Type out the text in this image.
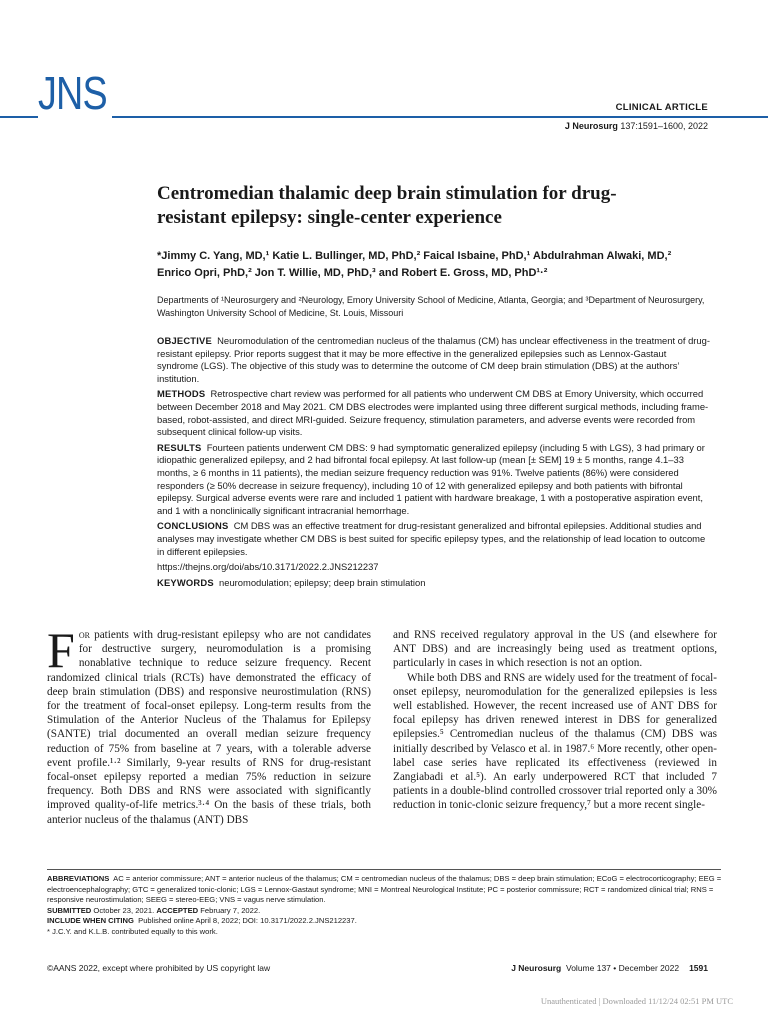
JNS	CLINICAL ARTICLE
J Neurosurg 137:1591–1600, 2022
Centromedian thalamic deep brain stimulation for drug-resistant epilepsy: single-center experience
*Jimmy C. Yang, MD,¹ Katie L. Bullinger, MD, PhD,² Faical Isbaine, PhD,¹ Abdulrahman Alwaki, MD,²
Enrico Opri, PhD,² Jon T. Willie, MD, PhD,³ and Robert E. Gross, MD, PhD¹·²
Departments of ¹Neurosurgery and ²Neurology, Emory University School of Medicine, Atlanta, Georgia; and ³Department of Neurosurgery, Washington University School of Medicine, St. Louis, Missouri

OBJECTIVE Neuromodulation of the centromedian nucleus of the thalamus (CM) has unclear effectiveness in the treatment of drug-resistant epilepsy. Prior reports suggest that it may be more effective in the generalized epilepsies such as Lennox-Gastaut syndrome (LGS). The objective of this study was to determine the outcome of CM deep brain stimulation (DBS) at the authors’ institution.

METHODS Retrospective chart review was performed for all patients who underwent CM DBS at Emory University, which occurred between December 2018 and May 2021. CM DBS electrodes were implanted using three different surgical methods, including frame-based, robot-assisted, and direct MRI-guided. Seizure frequency, stimulation parameters, and adverse events were recorded from subsequent clinical follow-up visits.

RESULTS Fourteen patients underwent CM DBS: 9 had symptomatic generalized epilepsy (including 5 with LGS), 3 had primary or idiopathic generalized epilepsy, and 2 had bifrontal focal epilepsy. At last follow-up (mean [± SEM] 19 ± 5 months, range 4.1–33 months, ≥ 6 months in 11 patients), the median seizure frequency reduction was 91%. Twelve patients (86%) were considered responders (≥ 50% decrease in seizure frequency), including 10 of 12 with generalized epilepsy and both patients with bifrontal epilepsy. Surgical adverse events were rare and included 1 patient with hardware breakage, 1 with a postoperative aspiration event, and 1 with a nonclinically significant intracranial hemorrhage.

CONCLUSIONS CM DBS was an effective treatment for drug-resistant generalized and bifrontal epilepsies. Additional studies and analyses may investigate whether CM DBS is best suited for specific epilepsy types, and the relationship of lead location to outcome in different epilepsies.

https://thejns.org/doi/abs/10.3171/2022.2.JNS212237

KEYWORDS neuromodulation; epilepsy; deep brain stimulation

For patients with drug-resistant epilepsy who are not candidates for destructive surgery, neuromodulation is a promising nonablative technique to reduce seizure frequency. Recent randomized clinical trials (RCTs) have demonstrated the efficacy of deep brain stimulation (DBS) and responsive neurostimulation (RNS) for the treatment of focal-onset epilepsy. Long-term results from the Stimulation of the Anterior Nucleus of the Thalamus for Epilepsy (SANTE) trial documented an overall median seizure frequency reduction of 75% from baseline at 7 years, with a tolerable adverse event profile.¹·² Similarly, 9-year results of RNS for drug-resistant focal-onset epilepsy reported a median 75% reduction in seizure frequency. Both DBS and RNS were associated with significantly improved quality-of-life metrics.³·⁴ On the basis of these trials, both anterior nucleus of the thalamus (ANT) DBS

and RNS received regulatory approval in the US (and elsewhere for ANT DBS) and are increasingly being used as treatment options, particularly in cases in which resection is not an option.

While both DBS and RNS are widely used for the treatment of focal-onset epilepsy, neuromodulation for the generalized epilepsies is less well established. However, the recent increased use of ANT DBS for focal epilepsy has driven renewed interest in DBS for generalized epilepsies.⁵ Centromedian nucleus of the thalamus (CM) DBS was initially described by Velasco et al. in 1987.⁶ More recently, other open-label case series have replicated its effectiveness (reviewed in Zangiabadi et al.⁵). An early underpowered RCT that included 7 patients in a double-blind controlled crossover trial reported only a 30% reduction in tonic-clonic seizure frequency,⁷ but a more recent single-

ABBREVIATIONS AC = anterior commissure; ANT = anterior nucleus of the thalamus; CM = centromedian nucleus of the thalamus; DBS = deep brain stimulation; ECoG = electrocorticography; EEG = electroencephalography; GTC = generalized tonic-clonic; LGS = Lennox-Gastaut syndrome; MNI = Montreal Neurological Institute; PC = posterior commissure; RCT = randomized clinical trial; RNS = responsive neurostimulation; SEEG = stereo-EEG; VNS = vagus nerve stimulation.

SUBMITTED October 23, 2021. ACCEPTED February 7, 2022.

INCLUDE WHEN CITING Published online April 8, 2022; DOI: 10.3171/2022.2.JNS212237.

* J.C.Y. and K.L.B. contributed equally to this work.

©AANS 2022, except where prohibited by US copyright law	J Neurosurg Volume 137 • December 2022 1591
Unauthenticated | Downloaded 11/12/24 02:51 PM UTC
